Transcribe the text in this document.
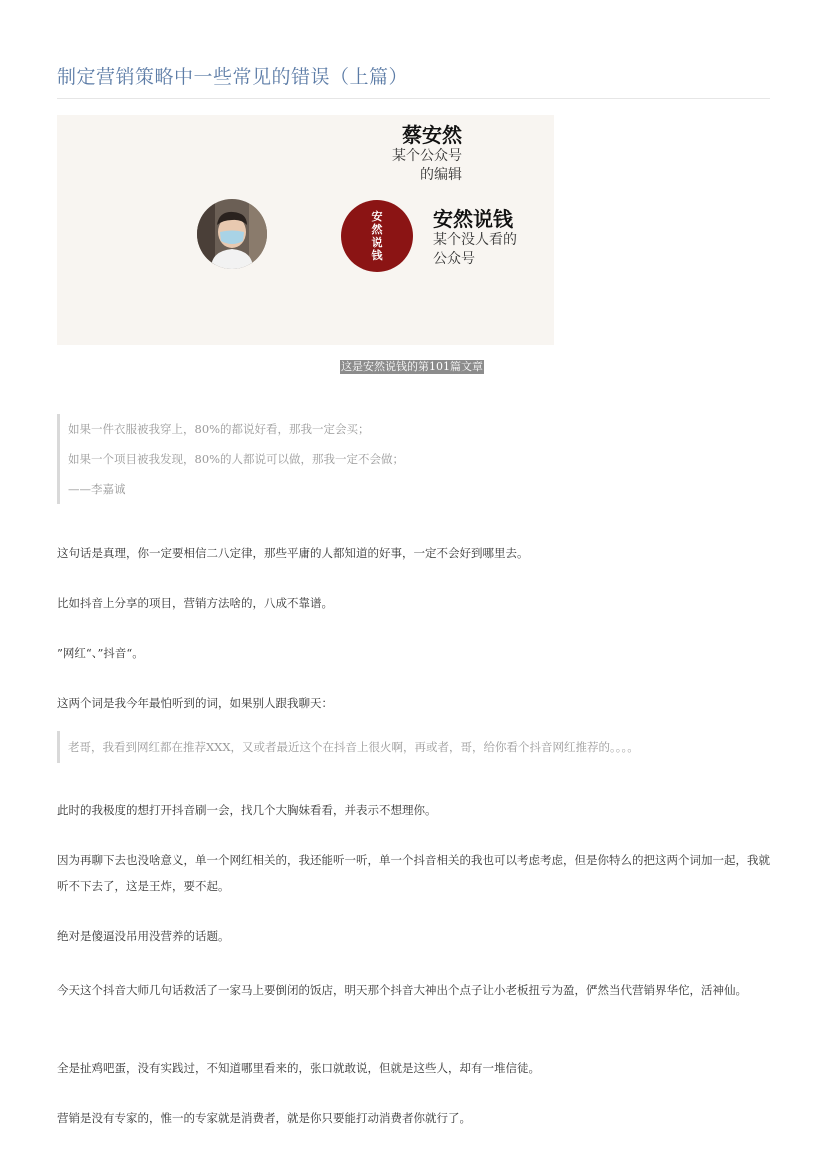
制定营销策略中一些常见的错误（上篇）
蔡安然
某个公众号
的编辑
安
然
说
钱
安然说钱
某个没人看的
公众号
这是安然说钱的第101篇文章

如果一件衣服被我穿上，80%的都说好看，那我一定会买；

如果一个项目被我发现，80%的人都说可以做，那我一定不会做；

——李嘉诚

这句话是真理，你一定要相信二八定律，那些平庸的人都知道的好事，一定不会好到哪里去。

比如抖音上分享的项目，营销方法啥的，八成不靠谱。

”网红“、”抖音“。

这两个词是我今年最怕听到的词，如果别人跟我聊天：

老哥，我看到网红都在推荐XXX，又或者最近这个在抖音上很火啊，再或者，哥，给你看个抖音网红推荐的。。。。

此时的我极度的想打开抖音刷一会，找几个大胸妹看看，并表示不想理你。

因为再聊下去也没啥意义，单一个网红相关的，我还能听一听，单一个抖音相关的我也可以考虑考虑，但是你特么的把这两个词加一起，我就听不下去了，这是王炸，要不起。

绝对是傻逼没吊用没营养的话题。

今天这个抖音大师几句话救活了一家马上要倒闭的饭店，明天那个抖音大神出个点子让小老板扭亏为盈，俨然当代营销界华佗，活神仙。

全是扯鸡吧蛋，没有实践过，不知道哪里看来的，张口就敢说，但就是这些人，却有一堆信徒。

营销是没有专家的，惟一的专家就是消费者，就是你只要能打动消费者你就行了。
